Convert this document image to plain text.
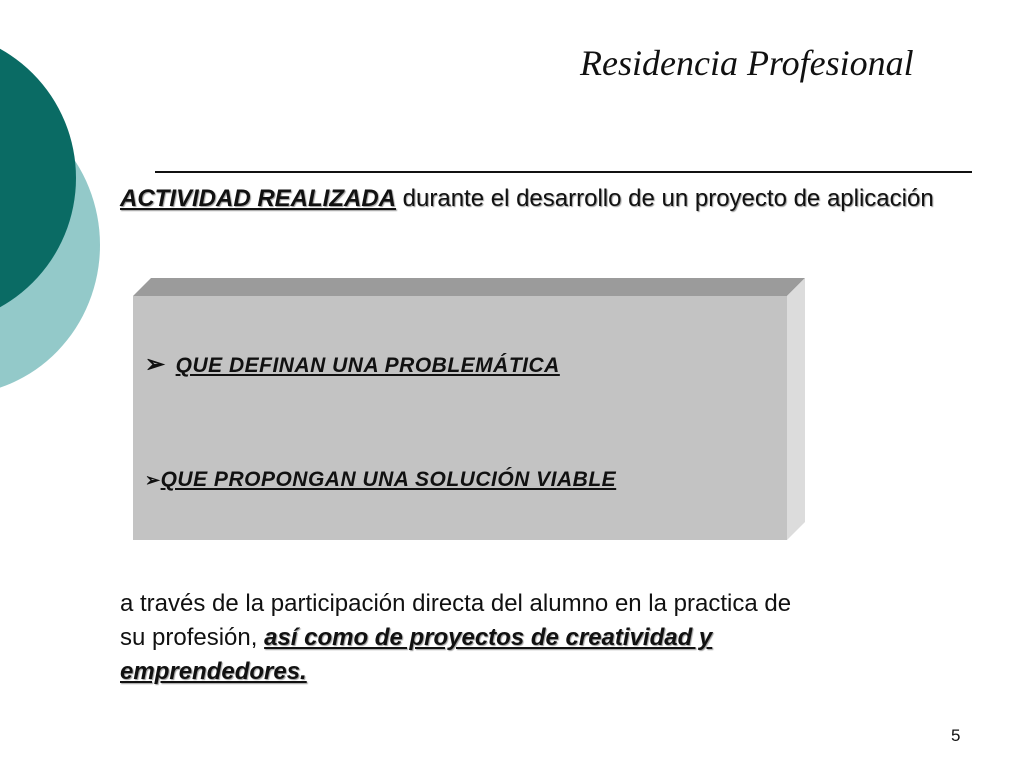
Residencia Profesional
ACTIVIDAD REALIZADA durante el desarrollo de un proyecto de aplicación
➢ QUE DEFINAN UNA PROBLEMÁTICA
➢QUE PROPONGAN UNA SOLUCIÓN VIABLE
a través de la participación directa del alumno en la practica de su profesión, así como de proyectos de creatividad y emprendedores.
5
